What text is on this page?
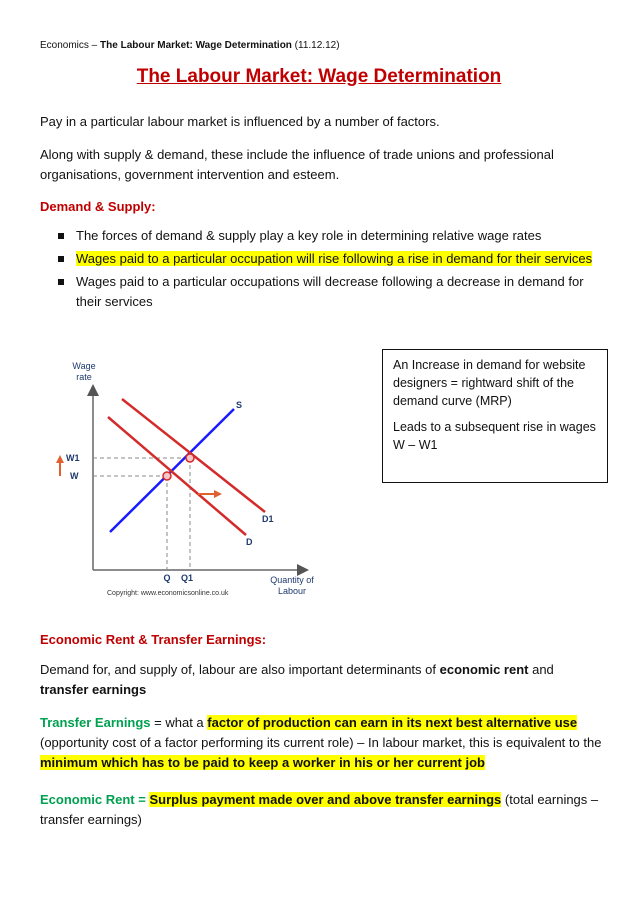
Economics – The Labour Market: Wage Determination (11.12.12)
The Labour Market: Wage Determination
Pay in a particular labour market is influenced by a number of factors.
Along with supply & demand, these include the influence of trade unions and professional organisations, government intervention and esteem.
Demand & Supply:
The forces of demand & supply play a key role in determining relative wage rates
Wages paid to a particular occupation will rise following a rise in demand for their services
Wages paid to a particular occupations will decrease following a decrease in demand for their services
Wage
rate
Quantity of
Labour
S
D1
D
W1
W
Q Q1
Copyright: www.economicsonline.co.uk

An Increase in demand for website designers = rightward shift of the demand curve (MRP)

Leads to a subsequent rise in wages W – W1

Economic Rent & Transfer Earnings:
Demand for, and supply of, labour are also important determinants of economic rent and transfer earnings
Transfer Earnings = what a factor of production can earn in its next best alternative use (opportunity cost of a factor performing its current role) – In labour market, this is equivalent to the minimum which has to be paid to keep a worker in his or her current job
Economic Rent = Surplus payment made over and above transfer earnings (total earnings – transfer earnings)
